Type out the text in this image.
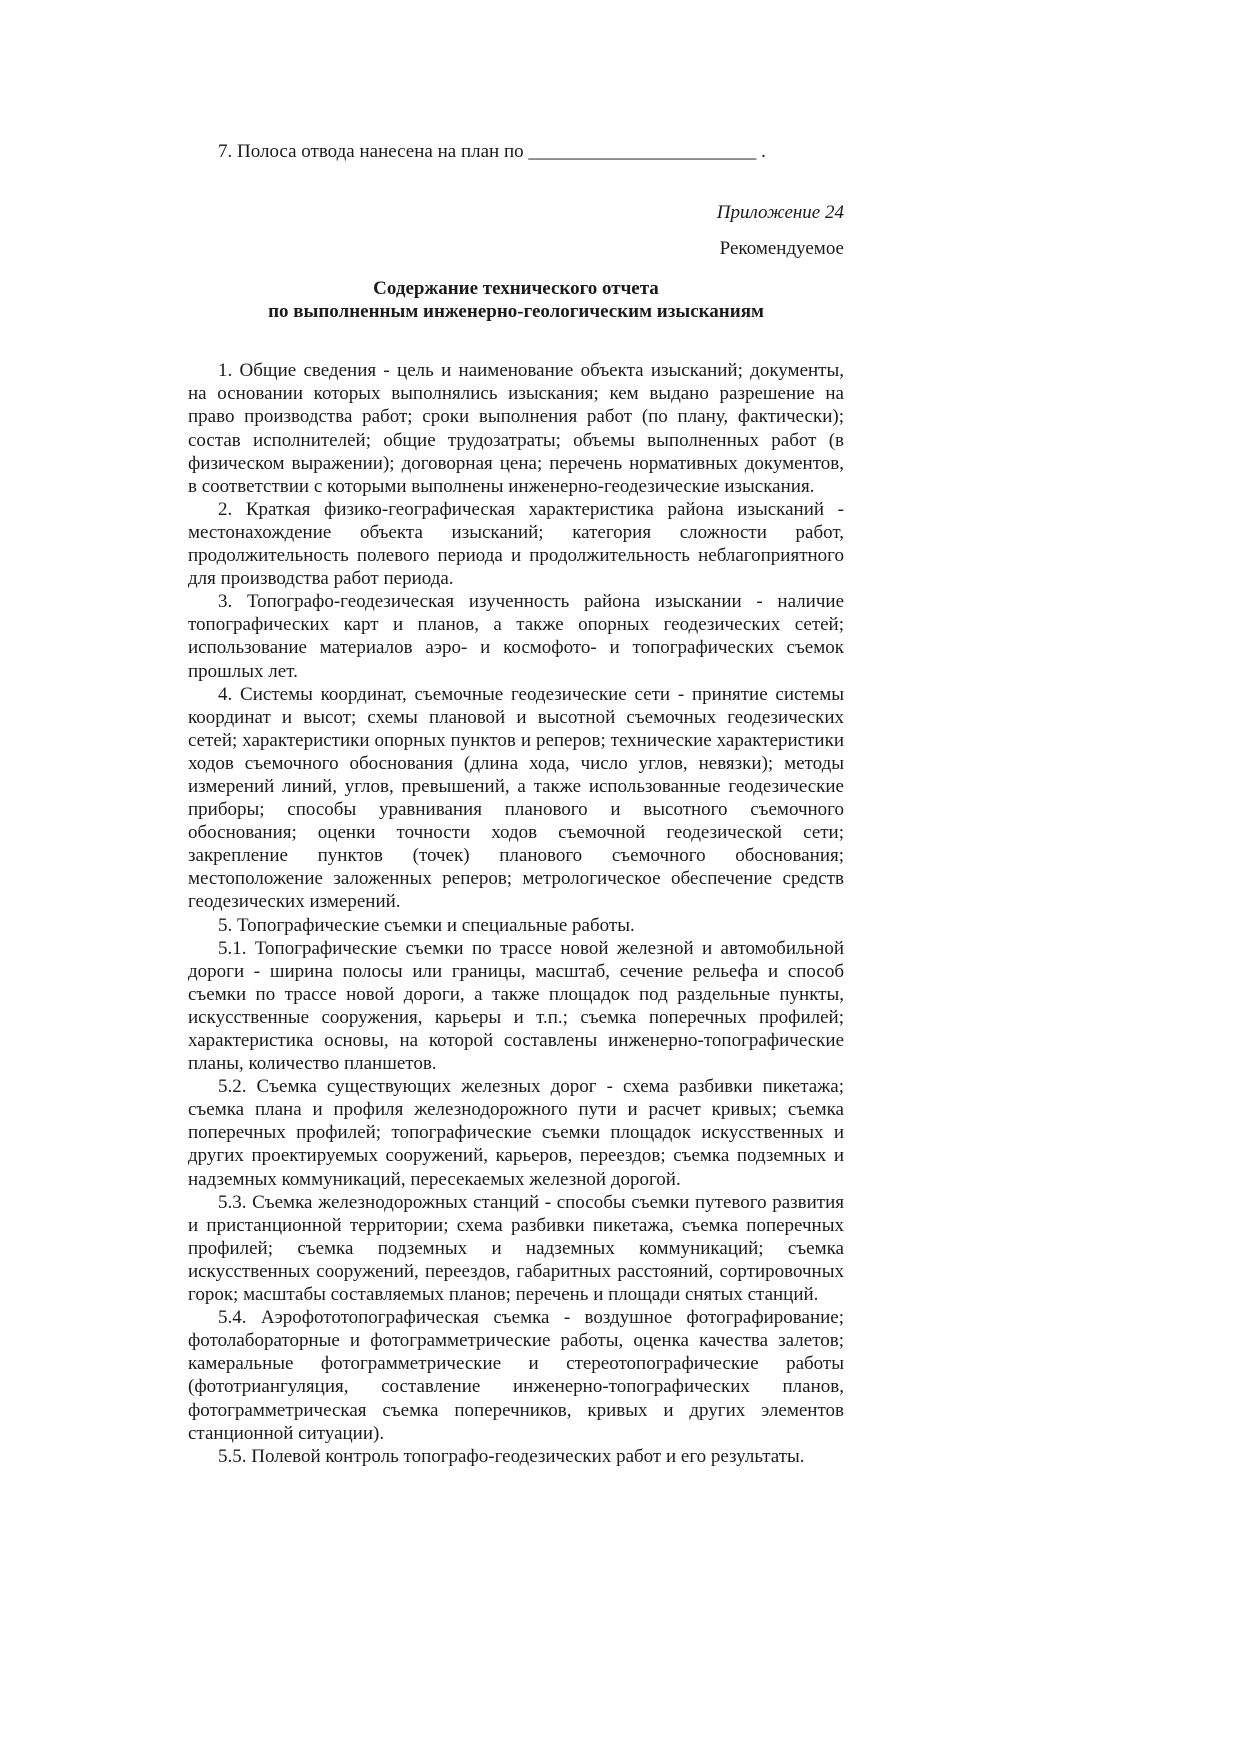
7. Полоса отвода нанесена на план по ________________________ .

Приложение 24
Рекомендуемое
Содержание технического отчета
по выполненным инженерно-геологическим изысканиям

1. Общие сведения - цель и наименование объекта изысканий; документы, на основании которых выполнялись изыскания; кем выдано разрешение на право производства работ; сроки выполнения работ (по плану, фактически); состав исполнителей; общие трудозатраты; объемы выполненных работ (в физическом выражении); договорная цена; перечень нормативных документов, в соответствии с которыми выполнены инженерно-геодезические изыскания.

2. Краткая физико-географическая характеристика района изысканий - местонахождение объекта изысканий; категория сложности работ, продолжительность полевого периода и продолжительность неблагоприятного для производства работ периода.

3. Топографо-геодезическая изученность района изыскании - наличие топографических карт и планов, а также опорных геодезических сетей; использование материалов аэро- и космофото- и топографических съемок прошлых лет.

4. Системы координат, съемочные геодезические сети - принятие системы координат и высот; схемы плановой и высотной съемочных геодезических сетей; характеристики опорных пунктов и реперов; технические характеристики ходов съемочного обоснования (длина хода, число углов, невязки); методы измерений линий, углов, превышений, а также использованные геодезические приборы; способы уравнивания планового и высотного съемочного обоснования; оценки точности ходов съемочной геодезической сети; закрепление пунктов (точек) планового съемочного обоснования; местоположение заложенных реперов; метрологическое обеспечение средств геодезических измерений.

5. Топографические съемки и специальные работы.

5.1. Топографические съемки по трассе новой железной и автомобильной дороги - ширина полосы или границы, масштаб, сечение рельефа и способ съемки по трассе новой дороги, а также площадок под раздельные пункты, искусственные сооружения, карьеры и т.п.; съемка поперечных профилей; характеристика основы, на которой составлены инженерно-топографические планы, количество планшетов.

5.2. Съемка существующих железных дорог - схема разбивки пикетажа; съемка плана и профиля железнодорожного пути и расчет кривых; съемка поперечных профилей; топографические съемки площадок искусственных и других проектируемых сооружений, карьеров, переездов; съемка подземных и надземных коммуникаций, пересекаемых железной дорогой.

5.3. Съемка железнодорожных станций - способы съемки путевого развития и пристанционной территории; схема разбивки пикетажа, съемка поперечных профилей; съемка подземных и надземных коммуникаций; съемка искусственных сооружений, переездов, габаритных расстояний, сортировочных горок; масштабы составляемых планов; перечень и площади снятых станций.

5.4. Аэрофототопографическая съемка - воздушное фотографирование; фотолабораторные и фотограмметрические работы, оценка качества залетов; камеральные фотограмметрические и стереотопографические работы (фототриангуляция, составление инженерно-топографических планов, фотограмметрическая съемка поперечников, кривых и других элементов станционной ситуации).

5.5. Полевой контроль топографо-геодезических работ и его результаты.
